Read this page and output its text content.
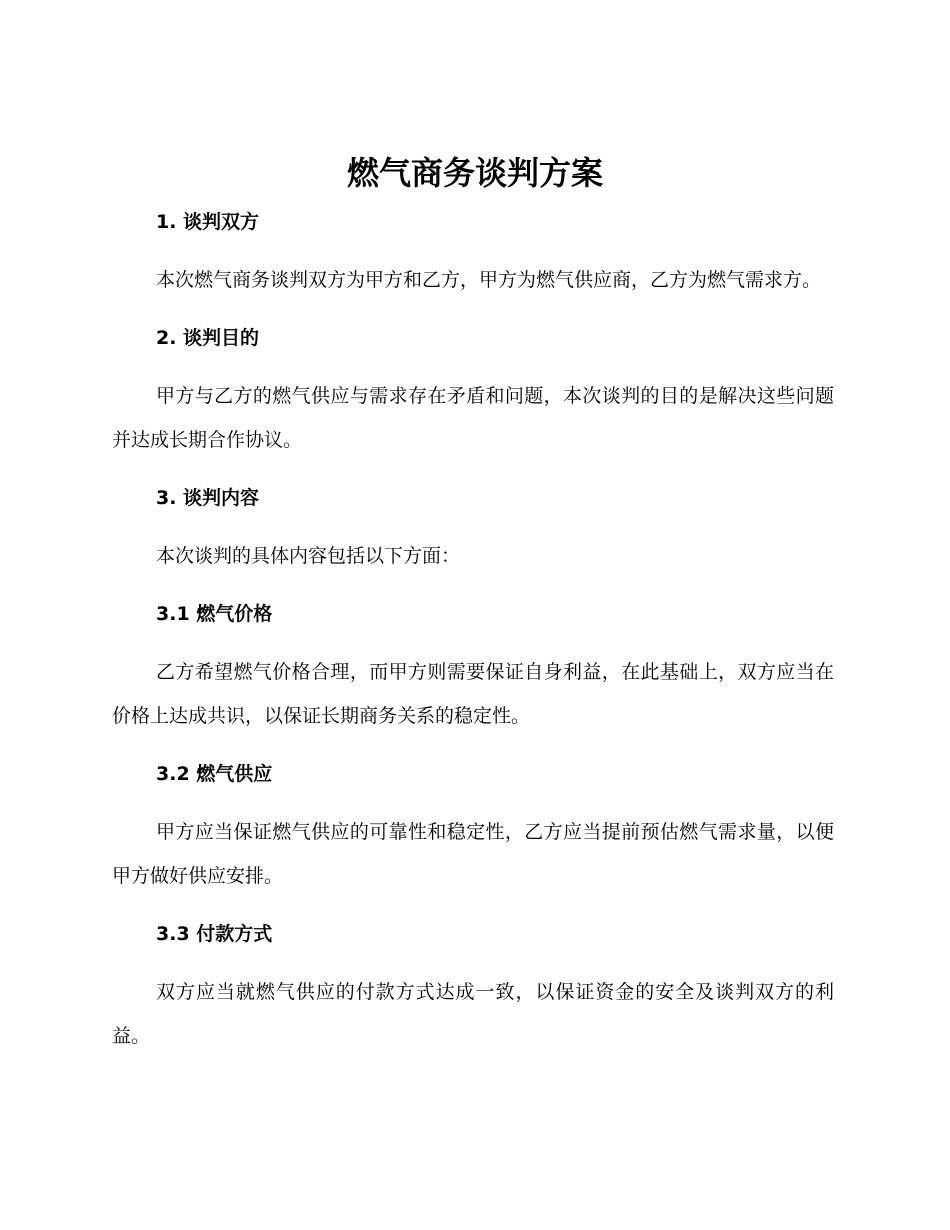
燃气商务谈判方案
1. 谈判双方

本次燃气商务谈判双方为甲方和乙方，甲方为燃气供应商，乙方为燃气需求方。

2. 谈判目的

甲方与乙方的燃气供应与需求存在矛盾和问题，本次谈判的目的是解决这些问题并达成长期合作协议。

3. 谈判内容

本次谈判的具体内容包括以下方面：

3.1 燃气价格

乙方希望燃气价格合理，而甲方则需要保证自身利益，在此基础上，双方应当在价格上达成共识，以保证长期商务关系的稳定性。

3.2 燃气供应

甲方应当保证燃气供应的可靠性和稳定性，乙方应当提前预估燃气需求量，以便甲方做好供应安排。

3.3 付款方式

双方应当就燃气供应的付款方式达成一致，以保证资金的安全及谈判双方的利益。
